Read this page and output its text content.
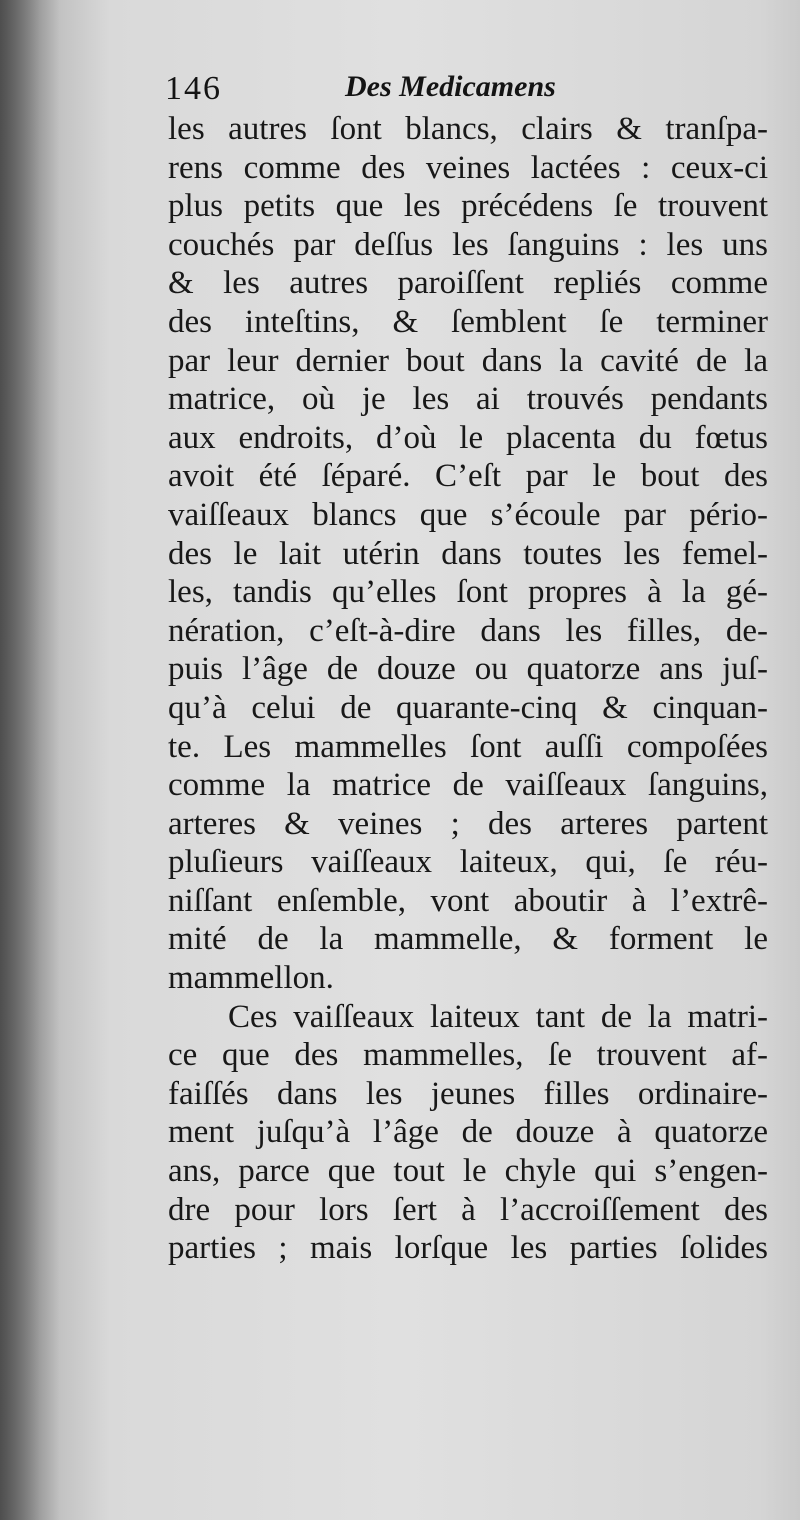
146	Des Medicamens
les autres ſont blancs, clairs & tranſpa-
rens comme des veines lactées : ceux-ci
plus petits que les précédens ſe trouvent
couchés par deſſus les ſanguins : les uns
& les autres paroiſſent repliés comme
des inteſtins, & ſemblent ſe terminer
par leur dernier bout dans la cavité de la
matrice, où je les ai trouvés pendants
aux endroits, d’où le placenta du fœtus
avoit été ſéparé. C’eſt par le bout des
vaiſſeaux blancs que s’écoule par pério-
des le lait utérin dans toutes les femel-
les, tandis qu’elles ſont propres à la gé-
nération, c’eſt-à-dire dans les filles, de-
puis l’âge de douze ou quatorze ans juſ-
qu’à celui de quarante-cinq & cinquan-
te. Les mammelles ſont auſſi compoſées
comme la matrice de vaiſſeaux ſanguins,
arteres & veines ; des arteres partent
pluſieurs vaiſſeaux laiteux, qui, ſe réu-
niſſant enſemble, vont aboutir à l’extrê-
mité de la mammelle, & forment le
mammellon.
Ces vaiſſeaux laiteux tant de la matri-
ce que des mammelles, ſe trouvent af-
faiſſés dans les jeunes filles ordinaire-
ment juſqu’à l’âge de douze à quatorze
ans, parce que tout le chyle qui s’engen-
dre pour lors ſert à l’accroiſſement des
parties ; mais lorſque les parties ſolides
